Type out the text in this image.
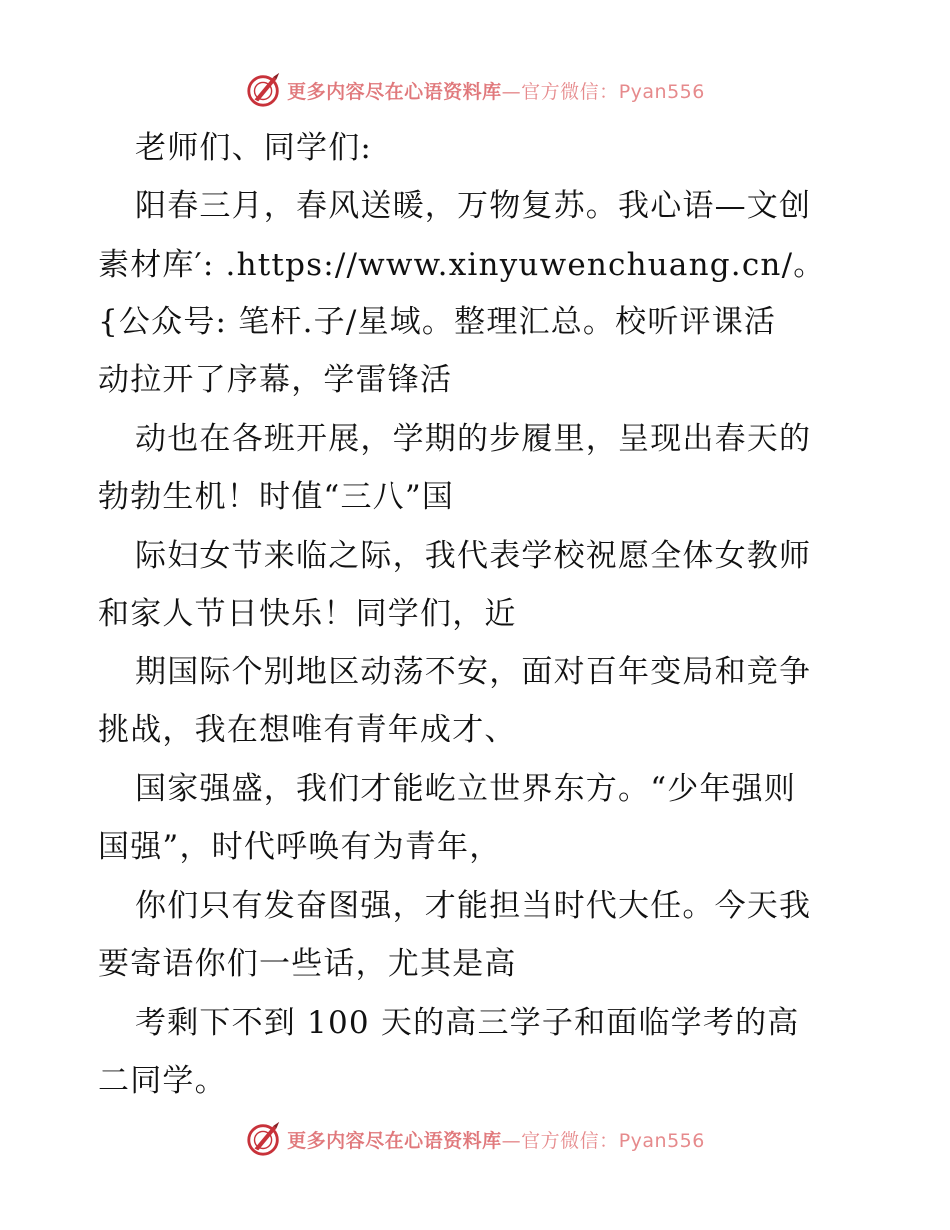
更多内容尽在心语资料库—官方微信：Pyan556
老师们、同学们:
阳春三月，春风送暖，万物复苏。我心语—文创
素材库′: .https://www.xinyuwenchuang.cn/。
{公众号: 笔杆.子/星域。整理汇总。校听评课活
动拉开了序幕，学雷锋活
动也在各班开展，学期的步履里，呈现出春天的
勃勃生机！时值“三八”国
际妇女节来临之际，我代表学校祝愿全体女教师
和家人节日快乐！同学们，近
期国际个别地区动荡不安，面对百年变局和竞争
挑战，我在想唯有青年成才、
国家强盛，我们才能屹立世界东方。“少年强则
国强”，时代呼唤有为青年，
你们只有发奋图强，才能担当时代大任。今天我
要寄语你们一些话，尤其是高
考剩下不到 100 天的高三学子和面临学考的高
二同学。
更多内容尽在心语资料库—官方微信：Pyan556
